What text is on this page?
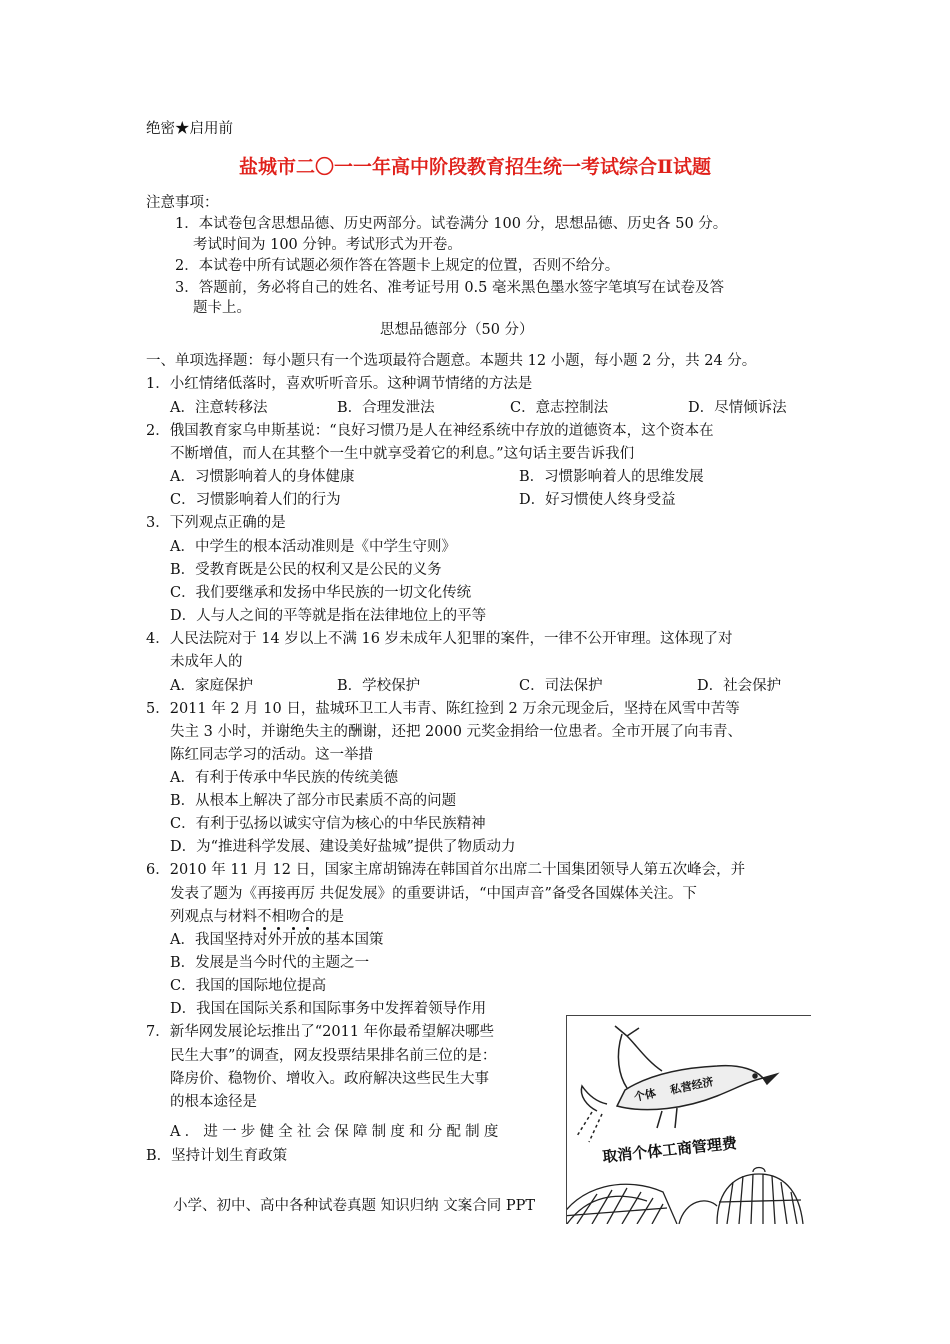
绝密★启用前
盐城市二〇一一年高中阶段教育招生统一考试综合Ⅱ试题
注意事项：
1．本试卷包含思想品德、历史两部分。试卷满分 100 分，思想品德、历史各 50 分。
考试时间为 100 分钟。考试形式为开卷。
2．本试卷中所有试题必须作答在答题卡上规定的位置，否则不给分。
3．答题前，务必将自己的姓名、准考证号用 0.5 毫米黑色墨水签字笔填写在试卷及答
题卡上。
思想品德部分（50 分）
一、单项选择题：每小题只有一个选项最符合题意。本题共 12 小题，每小题 2 分，共 24 分。
1．小红情绪低落时，喜欢听听音乐。这种调节情绪的方法是
A．注意转移法	B．合理发泄法	C．意志控制法	D．尽情倾诉法
2．俄国教育家乌申斯基说：“良好习惯乃是人在神经系统中存放的道德资本，这个资本在
不断增值，而人在其整个一生中就享受着它的利息。”这句话主要告诉我们
A．习惯影响着人的身体健康	B．习惯影响着人的思维发展
C．习惯影响着人们的行为	D．好习惯使人终身受益
3．下列观点正确的是
A．中学生的根本活动准则是《中学生守则》
B．受教育既是公民的权利又是公民的义务
C．我们要继承和发扬中华民族的一切文化传统
D．人与人之间的平等就是指在法律地位上的平等
4．人民法院对于 14 岁以上不满 16 岁未成年人犯罪的案件，一律不公开审理。这体现了对
未成年人的
A．家庭保护	B．学校保护	C．司法保护	D．社会保护
5．2011 年 2 月 10 日，盐城环卫工人韦青、陈红捡到 2 万余元现金后，坚持在风雪中苦等
失主 3 小时，并谢绝失主的酬谢，还把 2000 元奖金捐给一位患者。全市开展了向韦青、
陈红同志学习的活动。这一举措
A．有利于传承中华民族的传统美德
B．从根本上解决了部分市民素质不高的问题
C．有利于弘扬以诚实守信为核心的中华民族精神
D．为“推进科学发展、建设美好盐城”提供了物质动力
6．2010 年 11 月 12 日，国家主席胡锦涛在韩国首尔出席二十国集团领导人第五次峰会，并
发表了题为《再接再厉 共促发展》的重要讲话，“中国声音”备受各国媒体关注。下
列观点与材料不相吻合的是
A．我国坚持对外开放的基本国策
B．发展是当今时代的主题之一
C．我国的国际地位提高
D．我国在国际关系和国际事务中发挥着领导作用
7．新华网发展论坛推出了“2011 年你最希望解决哪些
民生大事”的调查，网友投票结果排名前三位的是：
降房价、稳物价、增收入。政府解决这些民生大事
的根本途径是
A．进一步健全社会保障制度和分配制度
B．坚持计划生育政策
个体 私营经济
取消个体工商管理费
小学、初中、高中各种试卷真题 知识归纳 文案合同 PPT
